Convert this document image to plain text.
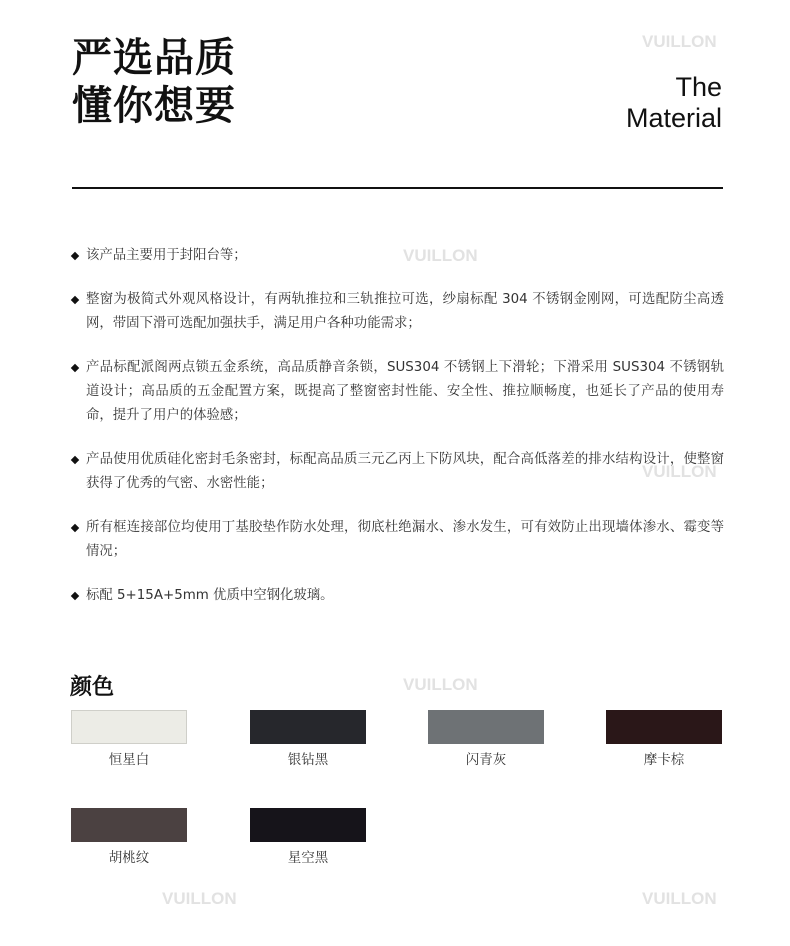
VUILLON
VUILLON
VUILLON
VUILLON
VUILLON	VUILLON
严选品质
懂你想要	The
Material
该产品主要用于封阳台等；
整窗为极简式外观风格设计，有两轨推拉和三轨推拉可选，纱扇标配 304 不锈钢金刚网，可选配防尘高透网，带固下滑可选配加强扶手，满足用户各种功能需求；
产品标配派阁两点锁五金系统，高品质静音条锁，SUS304 不锈钢上下滑轮；下滑采用 SUS304 不锈钢轨道设计；高品质的五金配置方案，既提高了整窗密封性能、安全性、推拉顺畅度，也延长了产品的使用寿命，提升了用户的体验感；
产品使用优质硅化密封毛条密封，标配高品质三元乙丙上下防风块，配合高低落差的排水结构设计，使整窗获得了优秀的气密、水密性能；
所有框连接部位均使用丁基胶垫作防水处理，彻底杜绝漏水、渗水发生，可有效防止出现墙体渗水、霉变等情况；
标配 5+15A+5mm 优质中空钢化玻璃。
颜色
恒星白	银钻黑	闪青灰	摩卡棕
胡桃纹	星空黑
